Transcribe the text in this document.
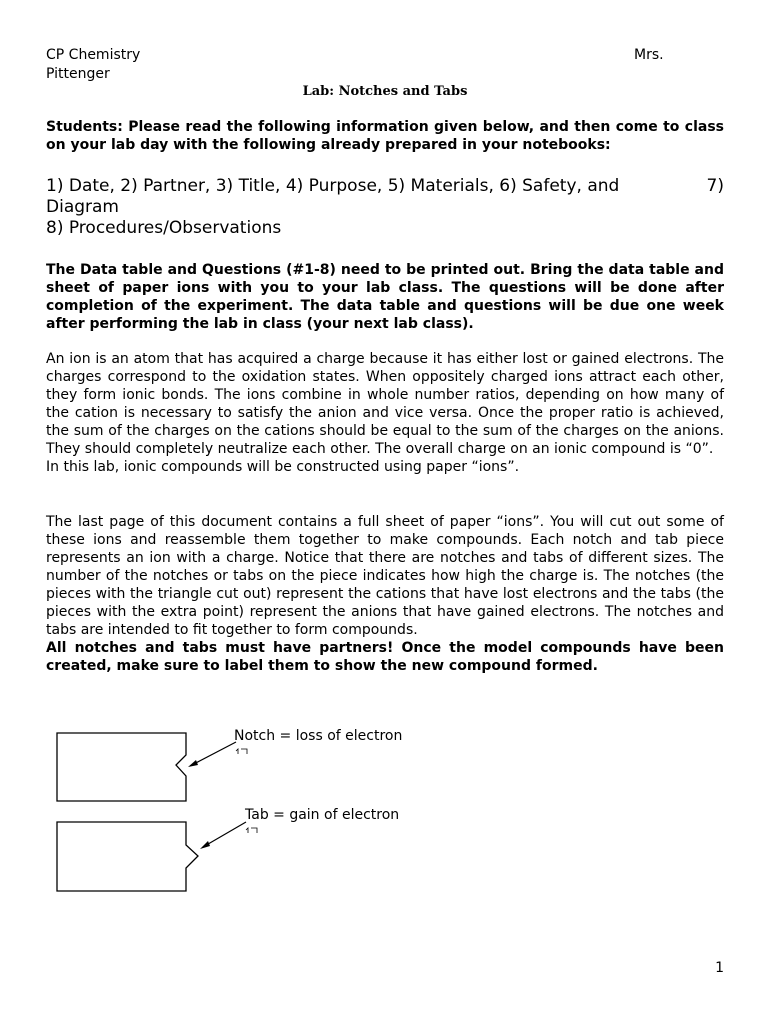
CP Chemistry	Mrs.
Pittenger
Lab: Notches and Tabs

Students: Please read the following information given below, and then come to class on your lab day with the following already prepared in your notebooks:

1) Date, 2) Partner, 3) Title, 4) Purpose, 5) Materials, 6) Safety, and	7)

Diagram

8) Procedures/Observations

The Data table and Questions (#1-8) need to be printed out. Bring the data table and sheet of paper ions with you to your lab class. The questions will be done after completion of the experiment. The data table and questions will be due one week after performing the lab in class (your next lab class).

An ion is an atom that has acquired a charge because it has either lost or gained electrons. The charges correspond to the oxidation states. When oppositely charged ions attract each other, they form ionic bonds. The ions combine in whole number ratios, depending on how many of the cation is necessary to satisfy the anion and vice versa. Once the proper ratio is achieved, the sum of the charges on the cations should be equal to the sum of the charges on the anions. They should completely neutralize each other. The overall charge on an ionic compound is “0”.

In this lab, ionic compounds will be constructed using paper “ions”.

The last page of this document contains a full sheet of paper “ions”. You will cut out some of these ions and reassemble them together to make compounds. Each notch and tab piece represents an ion with a charge. Notice that there are notches and tabs of different sizes. The number of the notches or tabs on the piece indicates how high the charge is. The notches (the pieces with the triangle cut out) represent the cations that have lost electrons and the tabs (the pieces with the extra point) represent the anions that have gained electrons. The notches and tabs are intended to fit together to form compounds.

All notches and tabs must have partners! Once the model compounds have been created, make sure to label them to show the new compound formed.

Notch = loss of electron
Tab = gain of electron
1
